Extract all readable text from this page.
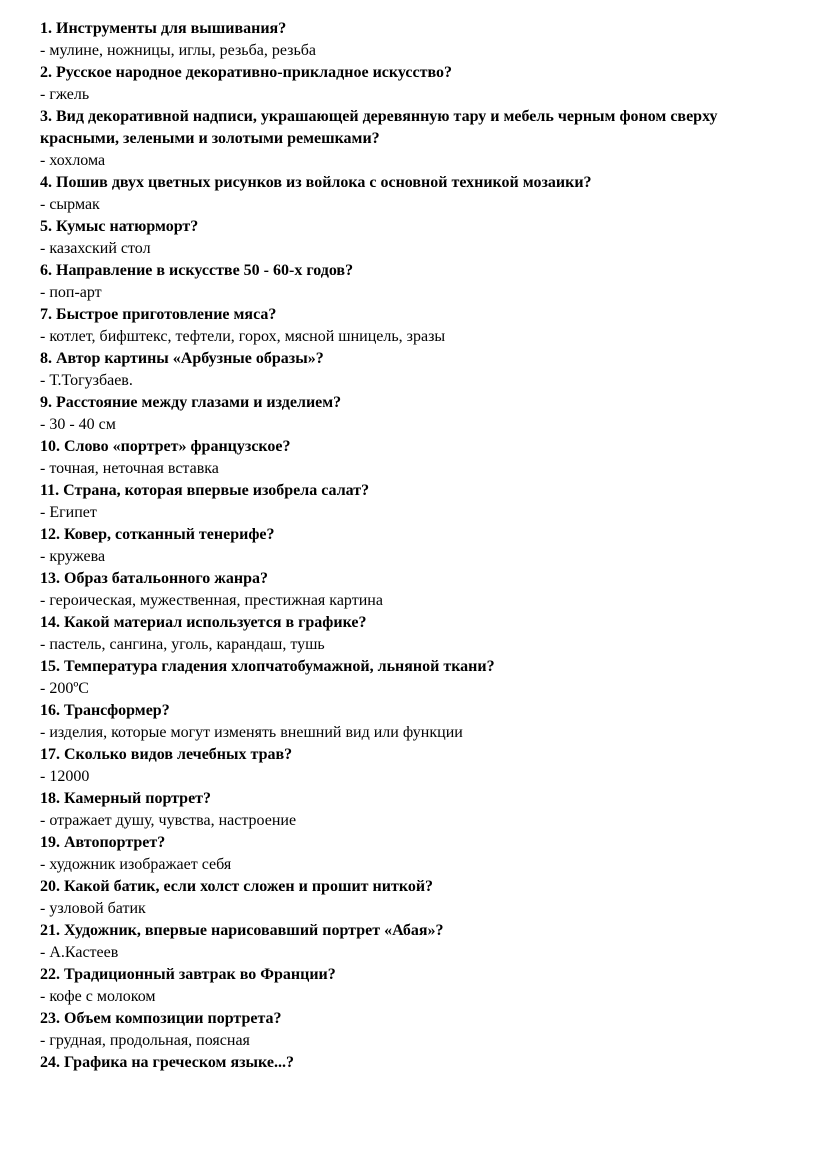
1. Инструменты для вышивания?

- мулине, ножницы, иглы, резьба, резьба

2. Русское народное декоративно-прикладное искусство?

- гжель

3. Вид декоративной надписи, украшающей деревянную тару и мебель черным фоном сверху красными, зелеными и золотыми ремешками?

- хохлома

4. Пошив двух цветных рисунков из войлока с основной техникой мозаики?

- сырмак

5. Кумыс натюрморт?

- казахский стол

6. Направление в искусстве 50 - 60-х годов?

- поп-арт

7. Быстрое приготовление мяса?

- котлет, бифштекс, тефтели, горох, мясной шницель, зразы

8. Автор картины «Арбузные образы»?

- Т.Тогузбаев.

9. Расстояние между глазами и изделием?

- 30 - 40 см

10. Слово «портрет» французское?

- точная, неточная вставка

11. Страна, которая впервые изобрела салат?

- Египет

12. Ковер, сотканный тенерифе?

- кружева

13. Образ батальонного жанра?

- героическая, мужественная, престижная картина

14. Какой материал используется в графике?

- пастель, сангина, уголь, карандаш, тушь

15. Температура гладения хлопчатобумажной, льняной ткани?

- 200ºC

16. Трансформер?

- изделия, которые могут изменять внешний вид или функции

17. Сколько видов лечебных трав?

- 12000

18. Камерный портрет?

- отражает душу, чувства, настроение

19. Автопортрет?

- художник изображает себя

20. Какой батик, если холст сложен и прошит ниткой?

- узловой батик

21. Художник, впервые нарисовавший портрет «Абая»?

- А.Кастеев

22. Традиционный завтрак во Франции?

- кофе с молоком

23. Объем композиции портрета?

- грудная, продольная, поясная

24. Графика на греческом языке...?
